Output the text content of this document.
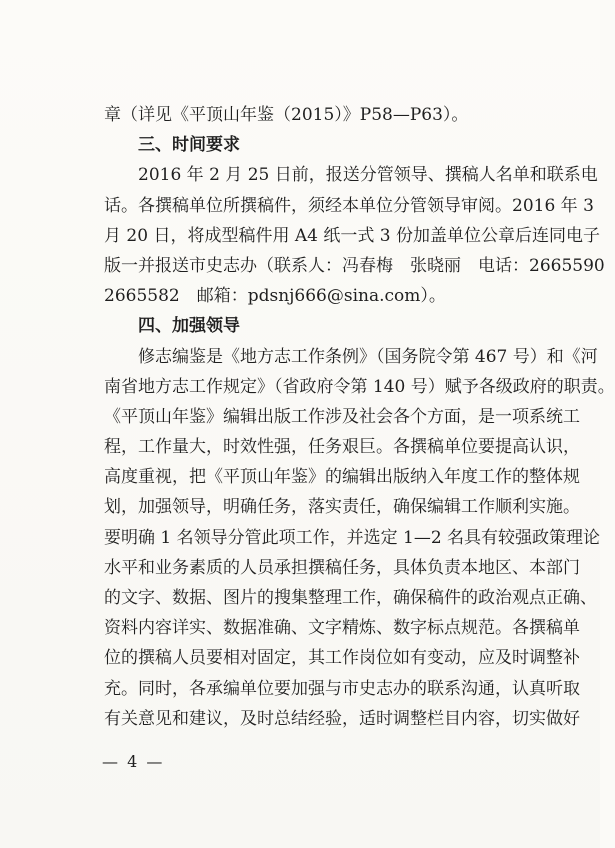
章（详见《平顶山年鉴（2015）》P58—P63）。
三、时间要求
2016 年 2 月 25 日前，报送分管领导、撰稿人名单和联系电
话。各撰稿单位所撰稿件，须经本单位分管领导审阅。2016 年 3
月 20 日，将成型稿件用 A4 纸一式 3 份加盖单位公章后连同电子
版一并报送市史志办（联系人：冯春梅　张晓丽　电话：2665590
2665582　邮箱：pdsnj666@sina.com）。
四、加强领导
修志编鉴是《地方志工作条例》（国务院令第 467 号）和《河
南省地方志工作规定》（省政府令第 140 号）赋予各级政府的职责。
《平顶山年鉴》编辑出版工作涉及社会各个方面，是一项系统工
程，工作量大，时效性强，任务艰巨。各撰稿单位要提高认识，
高度重视，把《平顶山年鉴》的编辑出版纳入年度工作的整体规
划，加强领导，明确任务，落实责任，确保编辑工作顺利实施。
要明确 1 名领导分管此项工作，并选定 1—2 名具有较强政策理论
水平和业务素质的人员承担撰稿任务，具体负责本地区、本部门
的文字、数据、图片的搜集整理工作，确保稿件的政治观点正确、
资料内容详实、数据准确、文字精炼、数字标点规范。各撰稿单
位的撰稿人员要相对固定，其工作岗位如有变动，应及时调整补
充。同时，各承编单位要加强与市史志办的联系沟通，认真听取
有关意见和建议，及时总结经验，适时调整栏目内容，切实做好
— 4 —
